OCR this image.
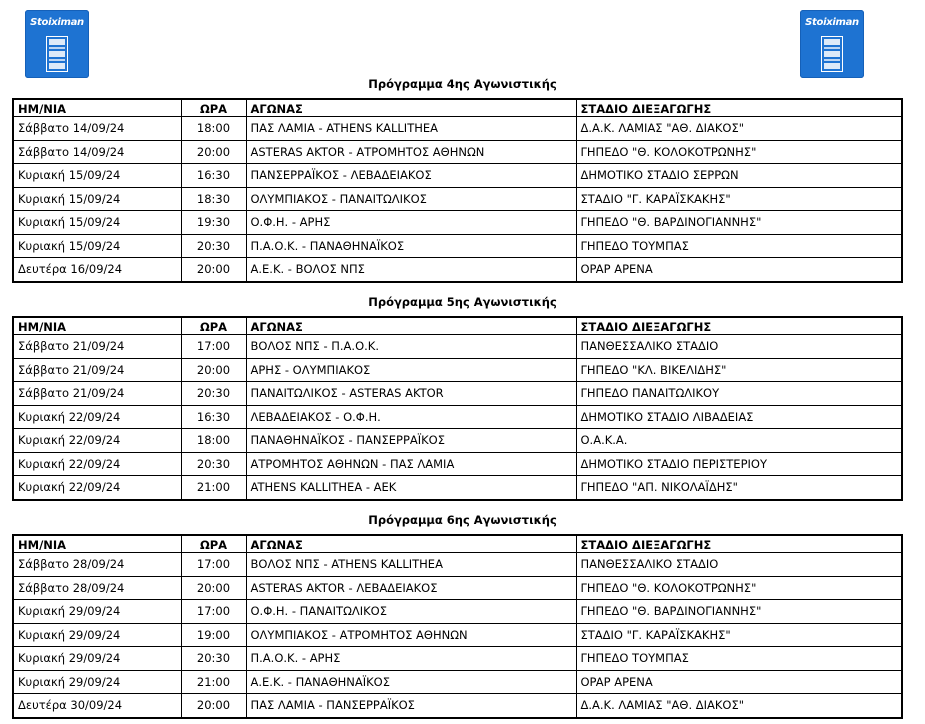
Stoiximan	Stoiximan
Πρόγραμμα 4ης Αγωνιστικής
ΗΜ/ΝΙΑ	ΩΡΑ	ΑΓΩΝΑΣ	ΣΤΑΔΙΟ ΔΙΕΞΑΓΩΓΗΣ
Σάββατο 14/09/24	18:00	ΠΑΣ ΛΑΜΙΑ - ATHENS KALLITHEA	Δ.Α.Κ. ΛΑΜΙΑΣ "ΑΘ. ΔΙΑΚΟΣ"
Σάββατο 14/09/24	20:00	ASTERAS AKTOR - ΑΤΡΟΜΗΤΟΣ ΑΘΗΝΩΝ	ΓΗΠΕΔΟ "Θ. ΚΟΛΟΚΟΤΡΩΝΗΣ"
Κυριακή 15/09/24	16:30	ΠΑΝΣΕΡΡΑΪΚΟΣ - ΛΕΒΑΔΕΙΑΚΟΣ	ΔΗΜΟΤΙΚΟ ΣΤΑΔΙΟ ΣΕΡΡΩΝ
Κυριακή 15/09/24	18:30	ΟΛΥΜΠΙΑΚΟΣ - ΠΑΝΑΙΤΩΛΙΚΟΣ	ΣΤΑΔΙΟ "Γ. ΚΑΡΑΪΣΚΑΚΗΣ"
Κυριακή 15/09/24	19:30	Ο.Φ.Η. - ΑΡΗΣ	ΓΗΠΕΔΟ "Θ. ΒΑΡΔΙΝΟΓΙΑΝΝΗΣ"
Κυριακή 15/09/24	20:30	Π.Α.Ο.Κ. - ΠΑΝΑΘΗΝΑΪΚΟΣ	ΓΗΠΕΔΟ ΤΟΥΜΠΑΣ
Δευτέρα 16/09/24	20:00	Α.Ε.Κ. - ΒΟΛΟΣ ΝΠΣ	OPAP ΑΡΕΝΑ
Πρόγραμμα 5ης Αγωνιστικής
ΗΜ/ΝΙΑ	ΩΡΑ	ΑΓΩΝΑΣ	ΣΤΑΔΙΟ ΔΙΕΞΑΓΩΓΗΣ
Σάββατο 21/09/24	17:00	ΒΟΛΟΣ ΝΠΣ - Π.Α.Ο.Κ.	ΠΑΝΘΕΣΣΑΛΙΚΟ ΣΤΑΔΙΟ
Σάββατο 21/09/24	20:00	ΑΡΗΣ - ΟΛΥΜΠΙΑΚΟΣ	ΓΗΠΕΔΟ "ΚΛ. ΒΙΚΕΛΙΔΗΣ"
Σάββατο 21/09/24	20:30	ΠΑΝΑΙΤΩΛΙΚΟΣ - ASTERAS AKTOR	ΓΗΠΕΔΟ ΠΑΝΑΙΤΩΛΙΚΟΥ
Κυριακή 22/09/24	16:30	ΛΕΒΑΔΕΙΑΚΟΣ - Ο.Φ.Η.	ΔΗΜΟΤΙΚΟ ΣΤΑΔΙΟ ΛΙΒΑΔΕΙΑΣ
Κυριακή 22/09/24	18:00	ΠΑΝΑΘΗΝΑΪΚΟΣ - ΠΑΝΣΕΡΡΑΪΚΟΣ	Ο.Α.Κ.Α.
Κυριακή 22/09/24	20:30	ΑΤΡΟΜΗΤΟΣ ΑΘΗΝΩΝ - ΠΑΣ ΛΑΜΙΑ	ΔΗΜΟΤΙΚΟ ΣΤΑΔΙΟ ΠΕΡΙΣΤΕΡΙΟΥ
Κυριακή 22/09/24	21:00	ATHENS KALLITHEA - AEK	ΓΗΠΕΔΟ "ΑΠ. ΝΙΚΟΛΑΪΔΗΣ"
Πρόγραμμα 6ης Αγωνιστικής
ΗΜ/ΝΙΑ	ΩΡΑ	ΑΓΩΝΑΣ	ΣΤΑΔΙΟ ΔΙΕΞΑΓΩΓΗΣ
Σάββατο 28/09/24	17:00	ΒΟΛΟΣ ΝΠΣ - ATHENS KALLITHEA	ΠΑΝΘΕΣΣΑΛΙΚΟ ΣΤΑΔΙΟ
Σάββατο 28/09/24	20:00	ASTERAS AKTOR - ΛΕΒΑΔΕΙΑΚΟΣ	ΓΗΠΕΔΟ "Θ. ΚΟΛΟΚΟΤΡΩΝΗΣ"
Κυριακή 29/09/24	17:00	Ο.Φ.Η. - ΠΑΝΑΙΤΩΛΙΚΟΣ	ΓΗΠΕΔΟ "Θ. ΒΑΡΔΙΝΟΓΙΑΝΝΗΣ"
Κυριακή 29/09/24	19:00	ΟΛΥΜΠΙΑΚΟΣ - ΑΤΡΟΜΗΤΟΣ ΑΘΗΝΩΝ	ΣΤΑΔΙΟ "Γ. ΚΑΡΑΪΣΚΑΚΗΣ"
Κυριακή 29/09/24	20:30	Π.Α.Ο.Κ. - ΑΡΗΣ	ΓΗΠΕΔΟ ΤΟΥΜΠΑΣ
Κυριακή 29/09/24	21:00	Α.Ε.Κ. - ΠΑΝΑΘΗΝΑΪΚΟΣ	OPAP ΑΡΕΝΑ
Δευτέρα 30/09/24	20:00	ΠΑΣ ΛΑΜΙΑ - ΠΑΝΣΕΡΡΑΪΚΟΣ	Δ.Α.Κ. ΛΑΜΙΑΣ "ΑΘ. ΔΙΑΚΟΣ"
